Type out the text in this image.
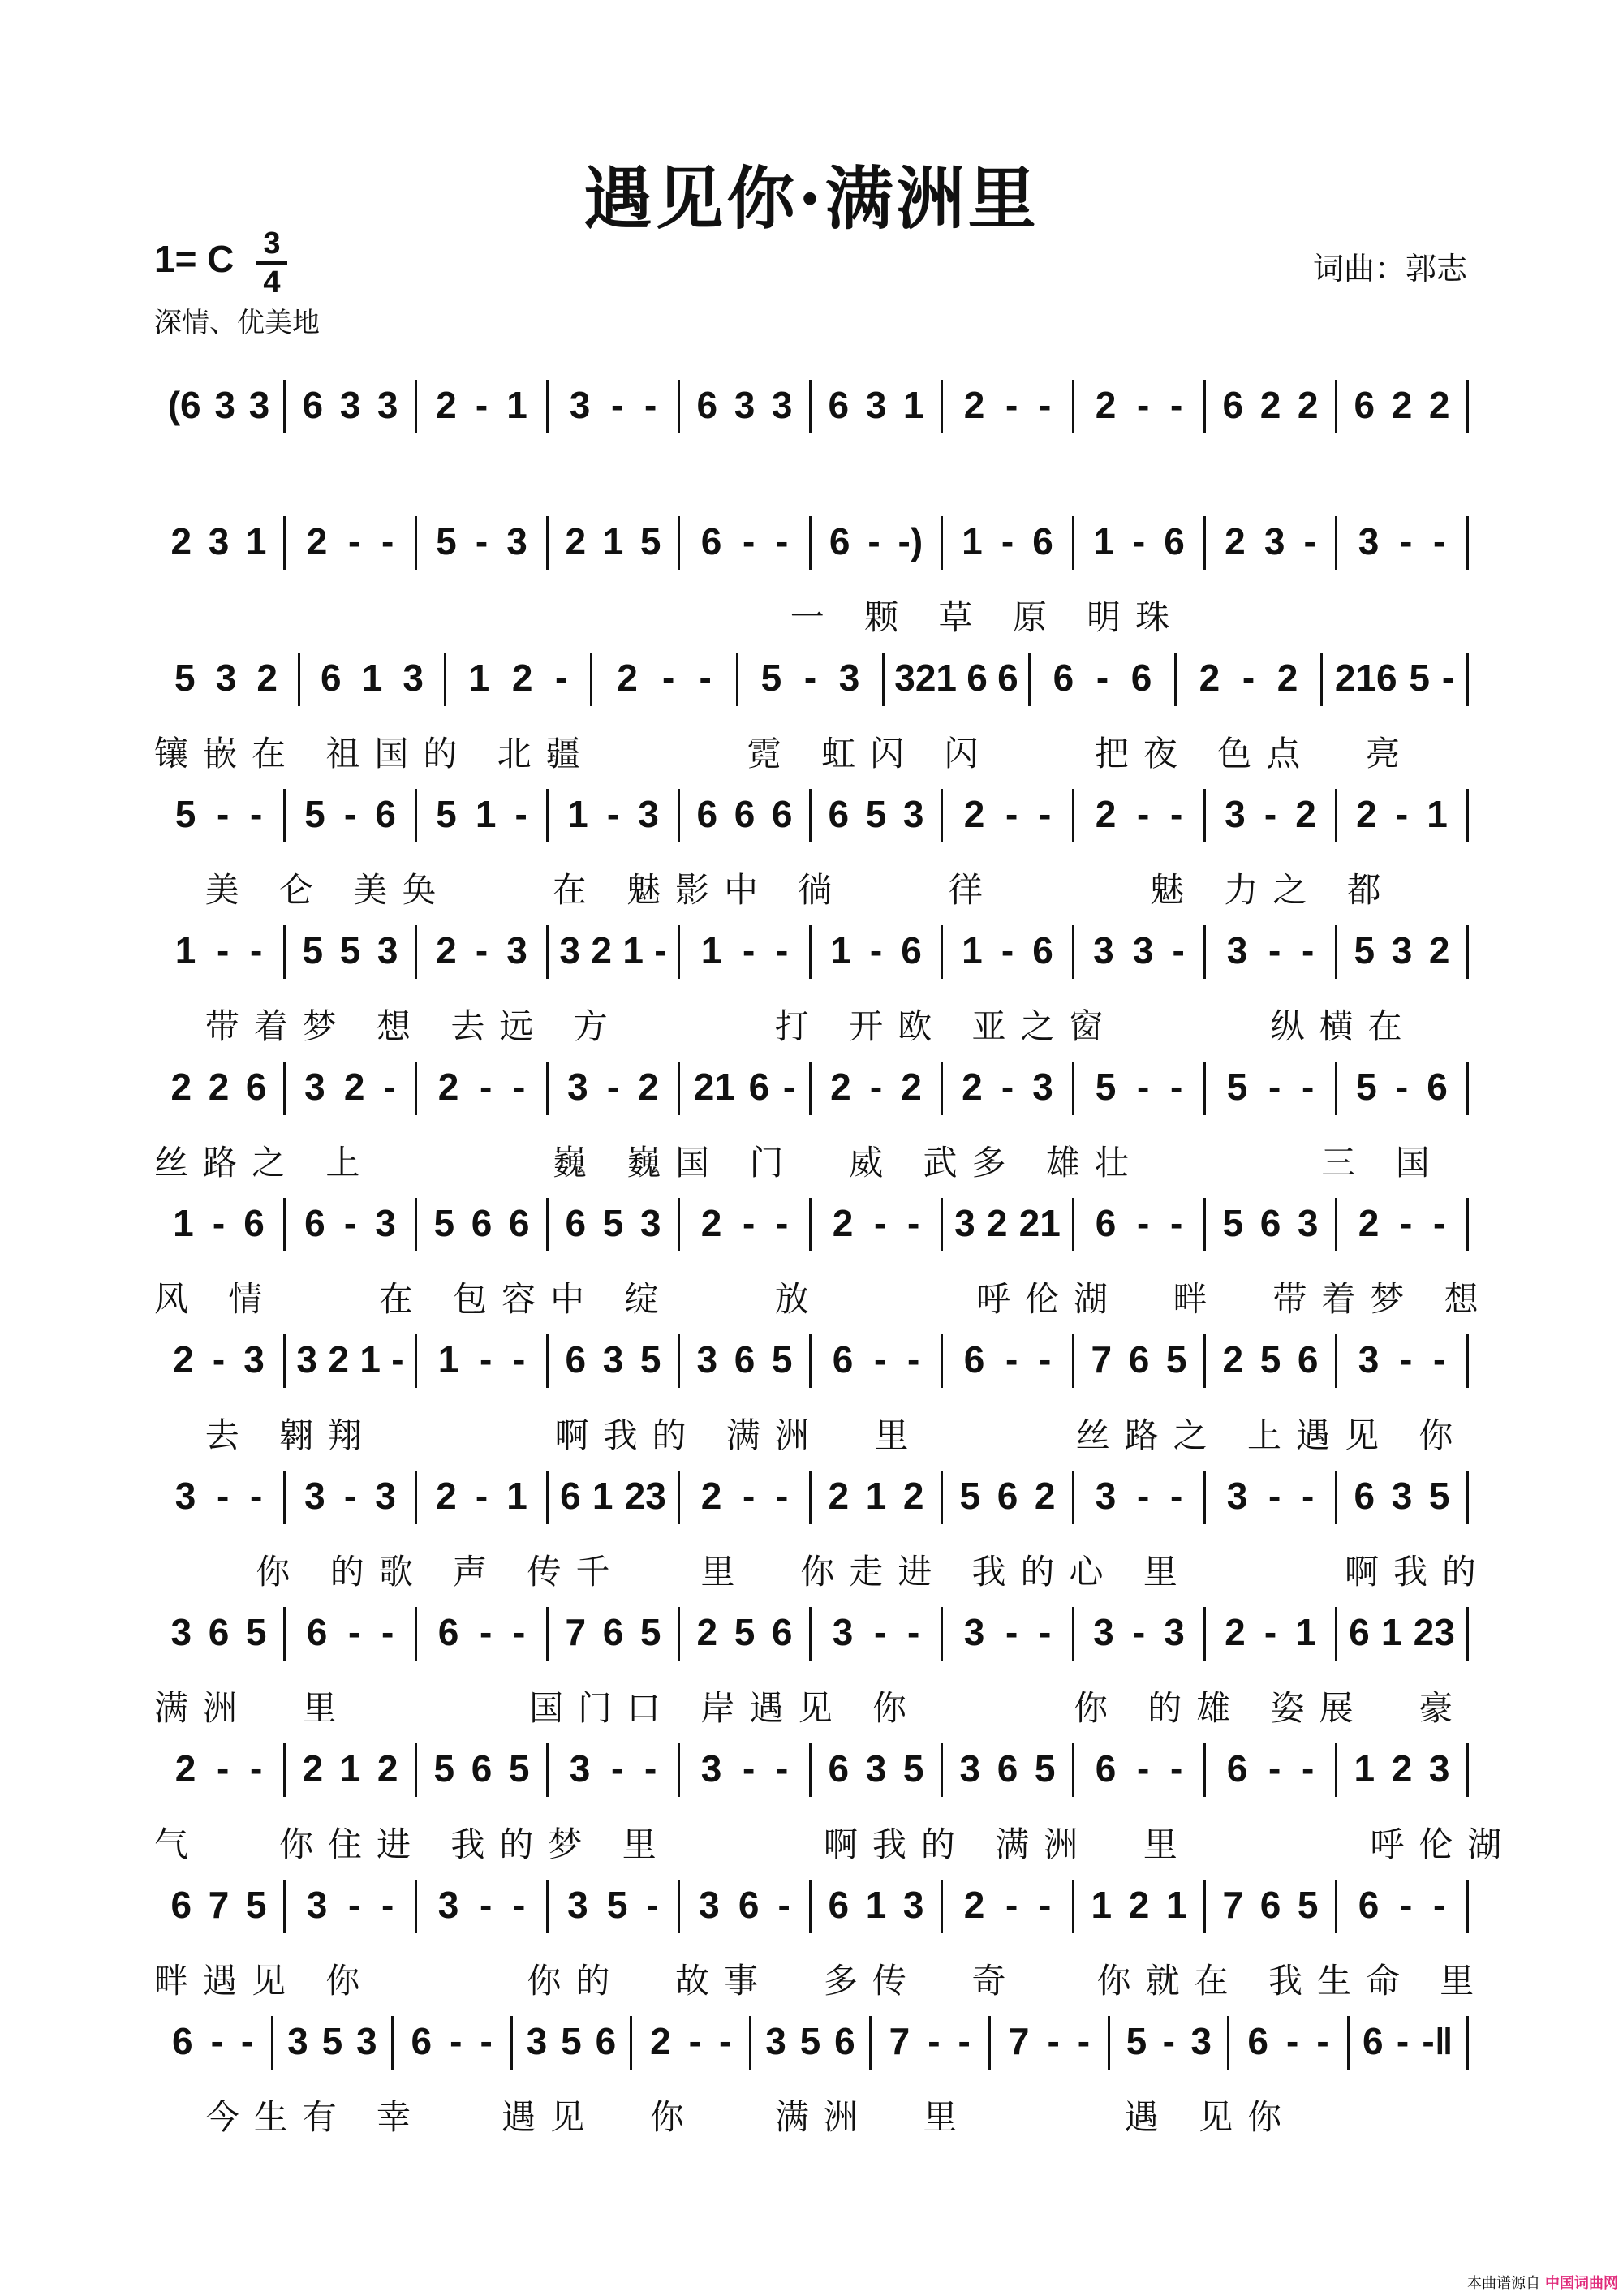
遇见你·满洲里
1= C 3
4
深情、优美地
词曲：郭志
(6 3 3 6 3 3 2 - 1 3 - - 6 3 3 6 3 1 2 - - 2 - - 6 2 2 6 2 2
2 3 1 2 - - 5 - 3 2 1 5 6 - - 6 - -) 1 - 6 1 - 6 2 3 - 3 - -
一 颗 草 原 明珠
5 3 2 6 1 3 1 2 - 2 - - 5 - 3 321 6 6 6 - 6 2 - 2 216 5 -
镶嵌在 祖国的 北疆      霓 虹闪 闪    把夜 色点  亮
5 - - 5 - 6 5 1 - 1 - 3 6 6 6 6 5 3 2 - - 2 - - 3 - 2 2 - 1
美 仑 美奂    在 魅影中 徜    徉      魅 力之 都
1 - - 5 5 3 2 - 3 3 2 1 - 1 - - 1 - 6 1 - 6 3 3 - 3 - - 5 3 2
带着梦 想 去远 方      打 开欧 亚之窗      纵横在
2 2 6 3 2 - 2 - - 3 - 2 21 6 - 2 - 2 2 - 3 5 - - 5 - - 5 - 6
丝路之 上       巍 巍国 门  威 武多 雄壮       三 国
1 - 6 6 - 3 5 6 6 6 5 3 2 - - 2 - - 3 2 21 6 - - 5 6 3 2 - -
风 情    在 包容中 绽    放      呼伦湖  畔  带着梦 想
2 - 3 3 2 1 - 1 - - 6 3 5 3 6 5 6 - - 6 - - 7 6 5 2 5 6 3 - -
去 翱翔       啊我的 满洲  里      丝路之 上遇见 你
3 - - 3 - 3 2 - 1 6 1 23 2 - - 2 1 2 5 6 2 3 - - 3 - - 6 3 5
你 的歌 声 传千   里  你走进 我的心 里      啊我的
3 6 5 6 - - 6 - - 7 6 5 2 5 6 3 - - 3 - - 3 - 3 2 - 1 6 1 23
满洲  里       国门口 岸遇见 你      你 的雄 姿展  豪
2 - - 2 1 2 5 6 5 3 - - 3 - - 6 3 5 3 6 5 6 - - 6 - - 1 2 3
气   你住进 我的梦 里      啊我的 满洲  里       呼伦湖
6 7 5 3 - - 3 - - 3 5 - 3 6 - 6 1 3 2 - - 1 2 1 7 6 5 6 - -
畔遇见 你      你的  故事  多传  奇   你就在 我生命 里
6 - - 3 5 3 6 - - 3 5 6 2 - - 3 5 6 7 - - 7 - - 5 - 3 6 - - 6 - -‖
今生有 幸   遇见  你   满洲  里      遇 见你
本曲谱源自 中国词曲网
